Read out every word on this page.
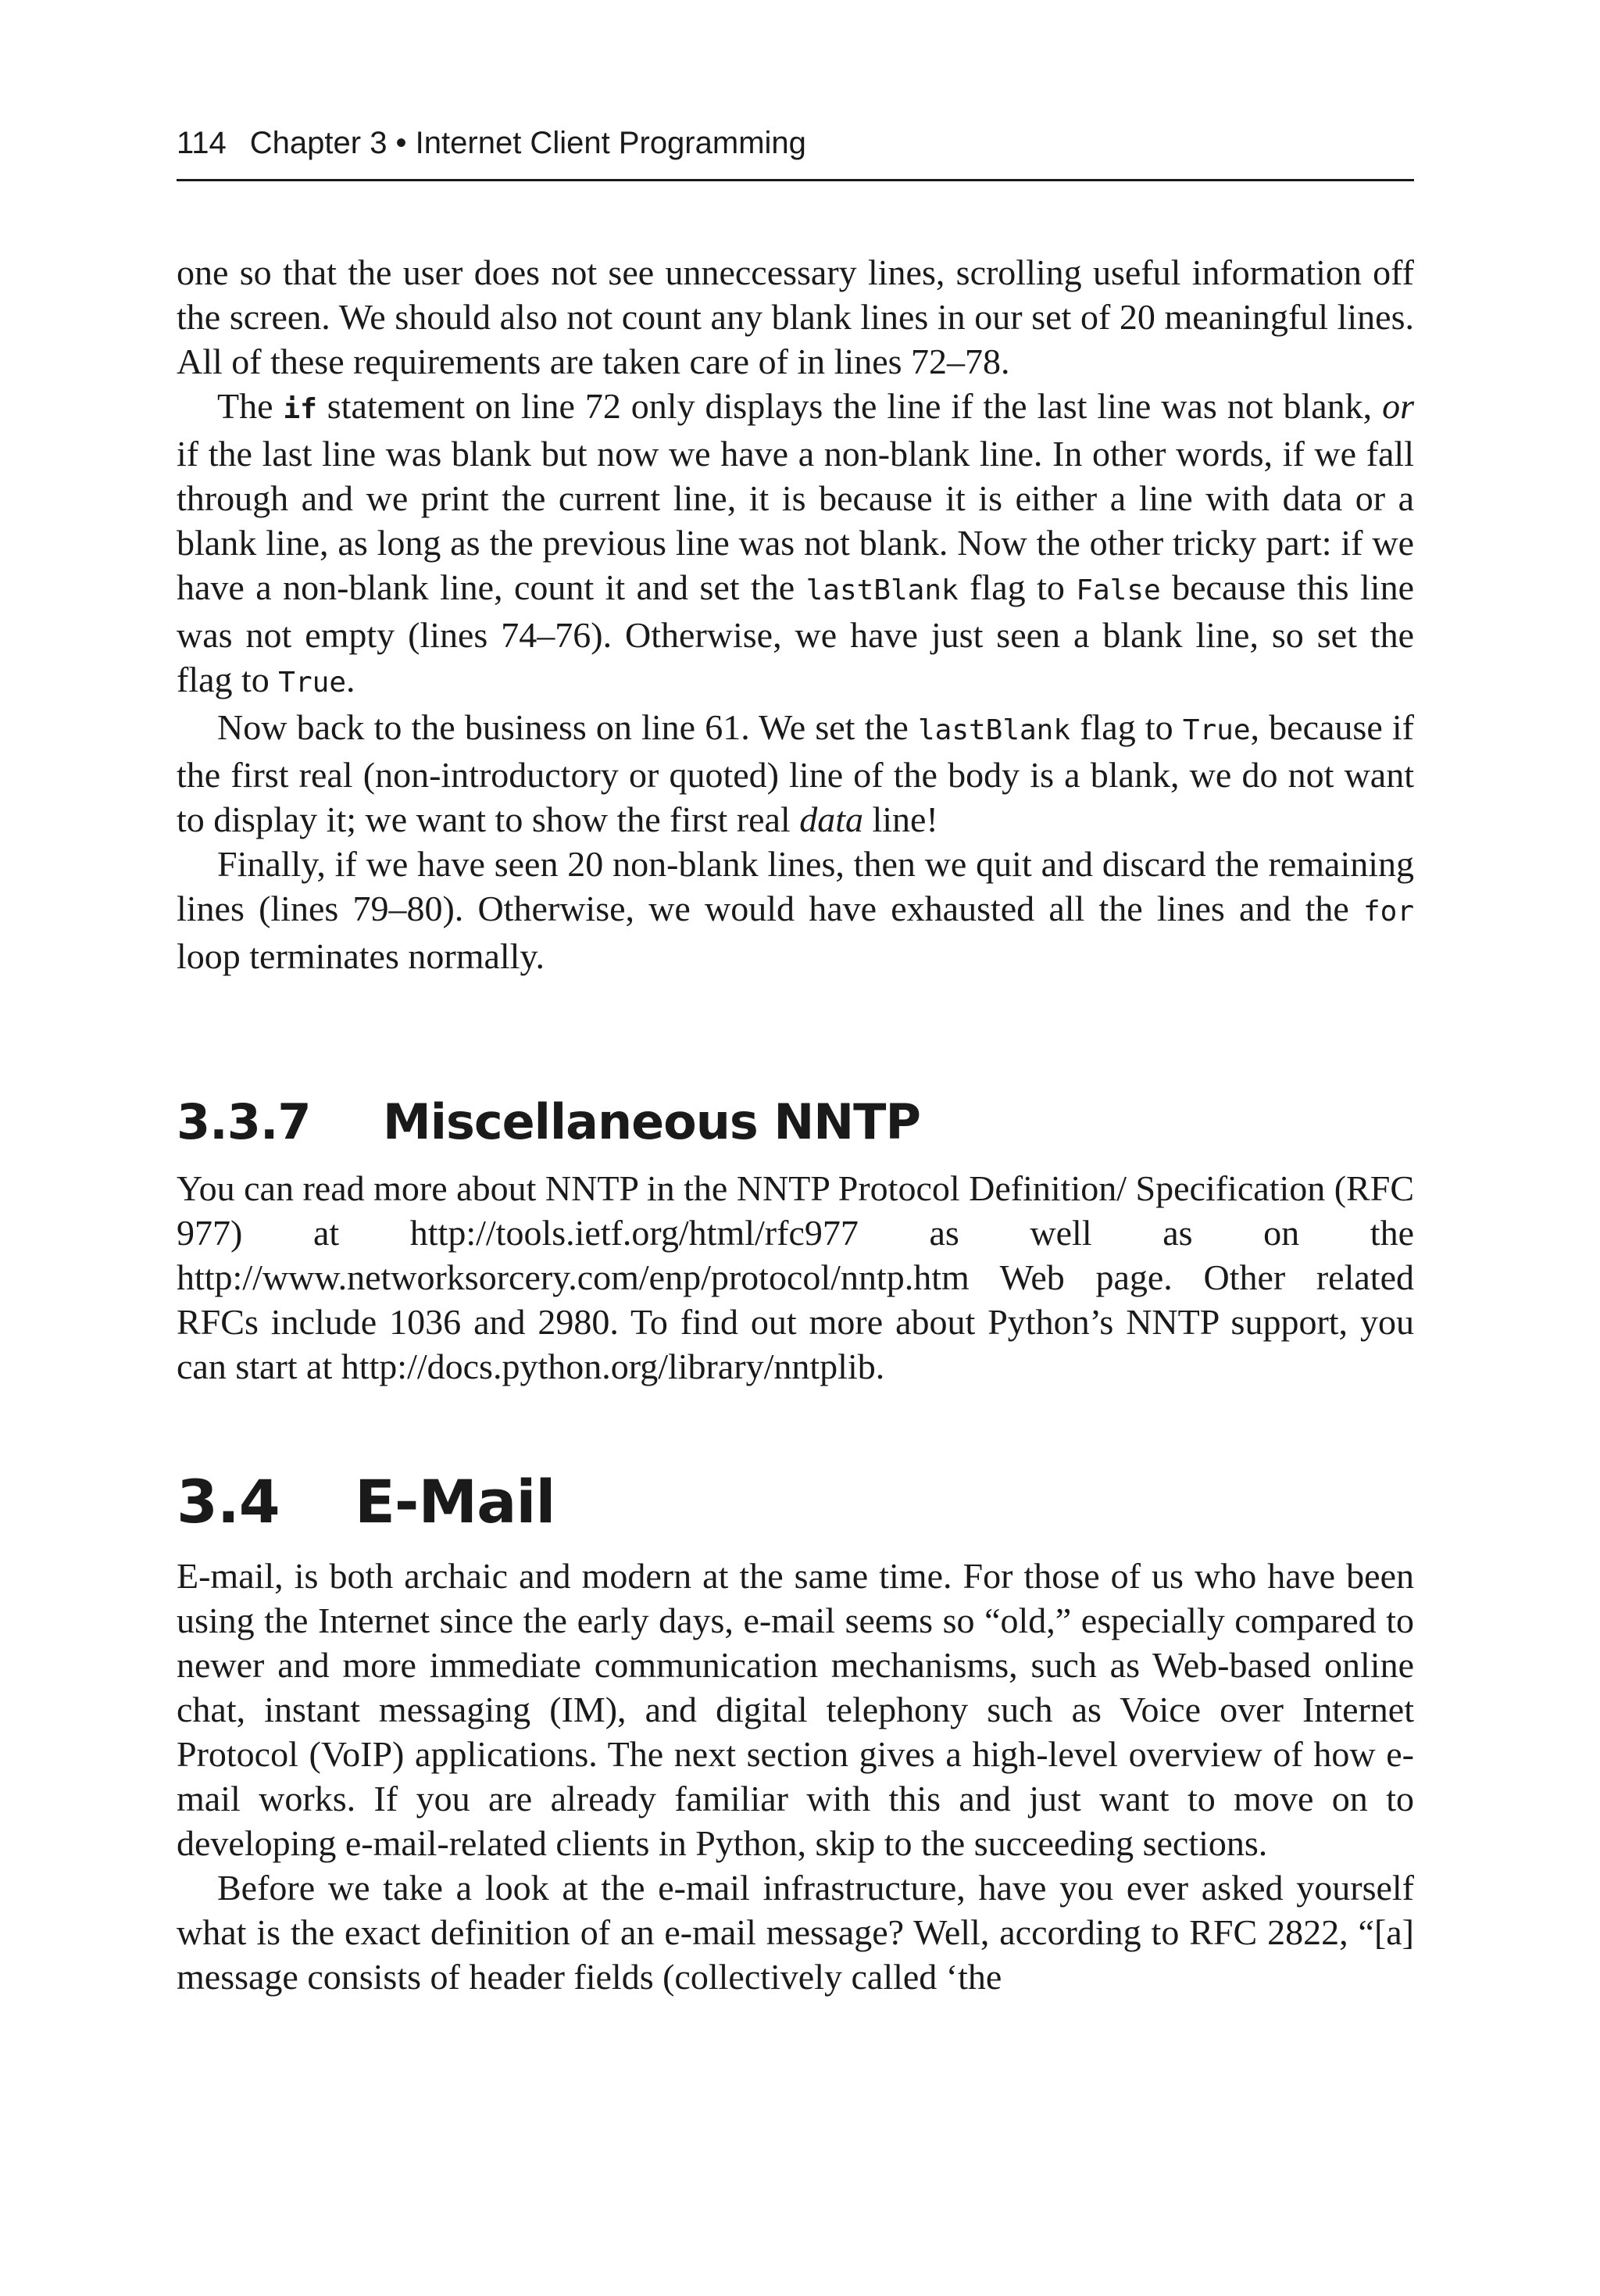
114 Chapter 3 • Internet Client Programming

one so that the user does not see unneccessary lines, scrolling useful information off the screen. We should also not count any blank lines in our set of 20 meaningful lines. All of these requirements are taken care of in lines 72–78.

The if statement on line 72 only displays the line if the last line was not blank, or if the last line was blank but now we have a non-blank line. In other words, if we fall through and we print the current line, it is because it is either a line with data or a blank line, as long as the previous line was not blank. Now the other tricky part: if we have a non-blank line, count it and set the lastBlank flag to False because this line was not empty (lines 74–76). Otherwise, we have just seen a blank line, so set the flag to True.

Now back to the business on line 61. We set the lastBlank flag to True, because if the first real (non-introductory or quoted) line of the body is a blank, we do not want to display it; we want to show the first real data line!

Finally, if we have seen 20 non-blank lines, then we quit and discard the remaining lines (lines 79–80). Otherwise, we would have exhausted all the lines and the for loop terminates normally.

3.3.7 Miscellaneous NNTP

You can read more about NNTP in the NNTP Protocol Definition/ Specification (RFC 977) at http://tools.ietf.org/html/rfc977 as well as on the http://www.networksorcery.com/enp/protocol/nntp.htm Web page. Other related RFCs include 1036 and 2980. To find out more about Python’s NNTP support, you can start at http://docs.python.org/library/nntplib.

3.4 E-Mail

E-mail, is both archaic and modern at the same time. For those of us who have been using the Internet since the early days, e-mail seems so “old,” especially compared to newer and more immediate communication mechanisms, such as Web-based online chat, instant messaging (IM), and digital telephony such as Voice over Internet Protocol (VoIP) applications. The next section gives a high-level overview of how e-mail works. If you are already familiar with this and just want to move on to developing e-mail-related clients in Python, skip to the succeeding sections.

Before we take a look at the e-mail infrastructure, have you ever asked yourself what is the exact definition of an e-mail message? Well, according to RFC 2822, “[a] message consists of header fields (collectively called ‘the
